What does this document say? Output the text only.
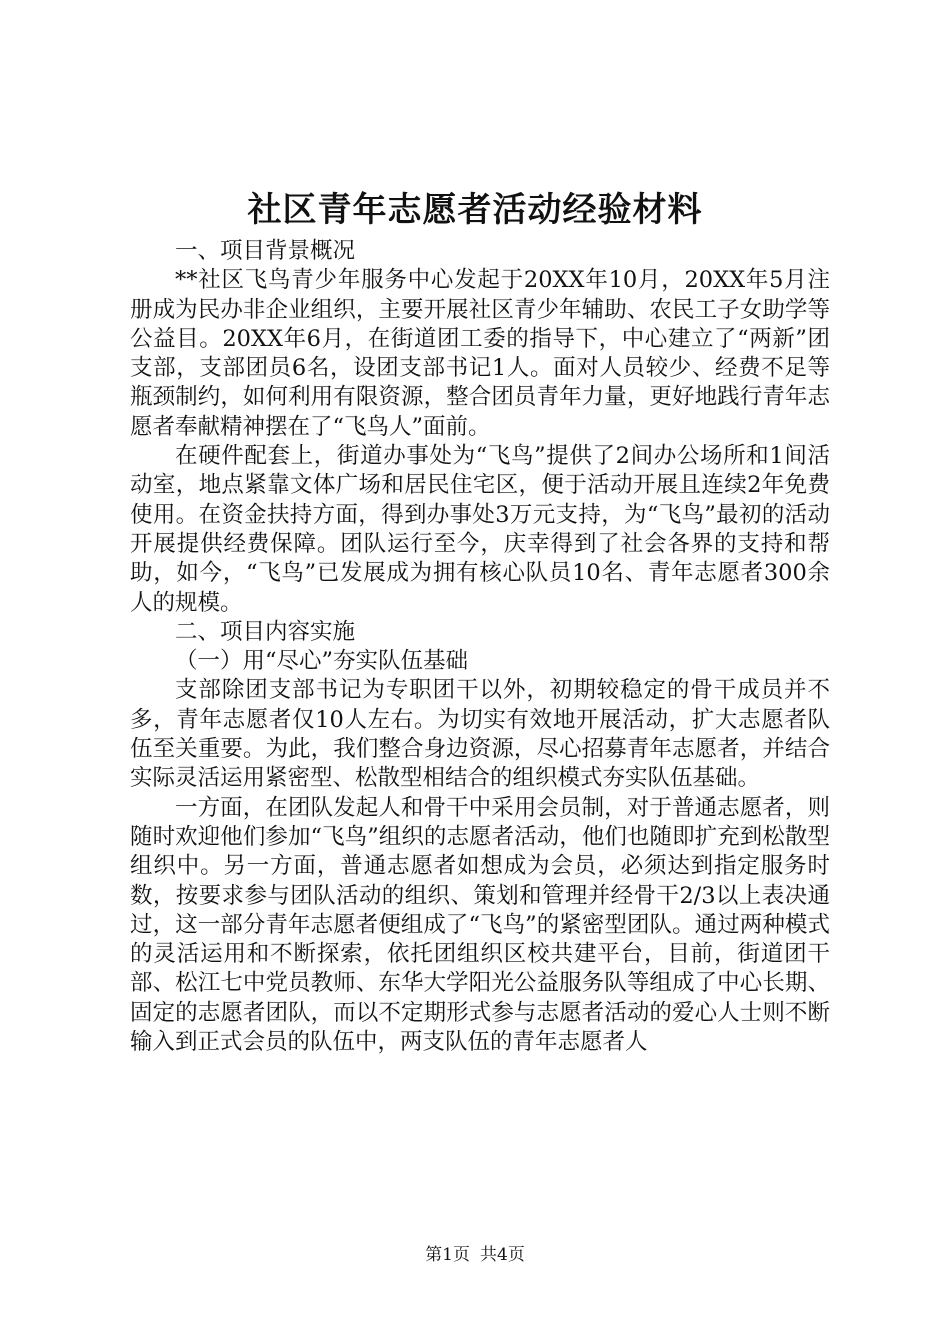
社区青年志愿者活动经验材料

一、项目背景概况

**社区飞鸟青少年服务中心发起于20XX年10月，20XX年5月注册成为民办非企业组织，主要开展社区青少年辅助、农民工子女助学等公益目。20XX年6月，在街道团工委的指导下，中心建立了“两新”团支部，支部团员6名，设团支部书记1人。面对人员较少、经费不足等瓶颈制约，如何利用有限资源，整合团员青年力量，更好地践行青年志愿者奉献精神摆在了“飞鸟人”面前。

在硬件配套上，街道办事处为“飞鸟”提供了2间办公场所和1间活动室，地点紧靠文体广场和居民住宅区，便于活动开展且连续2年免费使用。在资金扶持方面，得到办事处3万元支持，为“飞鸟”最初的活动开展提供经费保障。团队运行至今，庆幸得到了社会各界的支持和帮助，如今，“飞鸟”已发展成为拥有核心队员10名、青年志愿者300余人的规模。

二、项目内容实施

（一）用“尽心”夯实队伍基础

支部除团支部书记为专职团干以外，初期较稳定的骨干成员并不多，青年志愿者仅10人左右。为切实有效地开展活动，扩大志愿者队伍至关重要。为此，我们整合身边资源，尽心招募青年志愿者，并结合实际灵活运用紧密型、松散型相结合的组织模式夯实队伍基础。

一方面，在团队发起人和骨干中采用会员制，对于普通志愿者，则随时欢迎他们参加“飞鸟”组织的志愿者活动，他们也随即扩充到松散型组织中。另一方面，普通志愿者如想成为会员，必须达到指定服务时数，按要求参与团队活动的组织、策划和管理并经骨干2/3以上表决通过，这一部分青年志愿者便组成了“飞鸟”的紧密型团队。通过两种模式的灵活运用和不断探索，依托团组织区校共建平台，目前，街道团干部、松江七中党员教师、东华大学阳光公益服务队等组成了中心长期、固定的志愿者团队，而以不定期形式参与志愿者活动的爱心人士则不断输入到正式会员的队伍中，两支队伍的青年志愿者人

第1页 共4页
